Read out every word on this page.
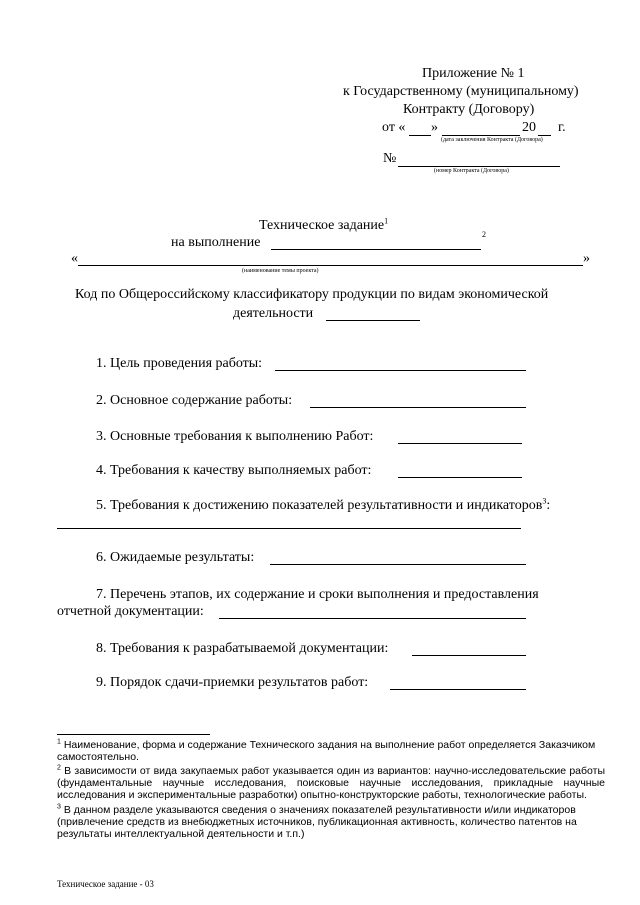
Приложение № 1
к Государственному (муниципальному)
Контракту (Договору)
от « »	20 г.
(дата заключения Контракта (Договора)
№
(номер Контракта (Договора)
Техническое задание$^1$
на выполнение
2
«	»
(наименование темы проекта)
Код по Общероссийскому классификатору продукции по видам экономической
деятельности
1. Цель проведения работы:
2. Основное содержание работы:
3. Основные требования к выполнению Работ:
4. Требования к качеству выполняемых работ:
5. Требования к достижению показателей результативности и индикаторов$^3$:
6. Ожидаемые результаты:
7. Перечень этапов, их содержание и сроки выполнения и предоставления
отчетной документации:
8. Требования к разрабатываемой документации:
9. Порядок сдачи-приемки результатов работ:
$^1$ Наименование, форма и содержание Технического задания на выполнение работ определяется Заказчиком самостоятельно.
$^2$ В зависимости от вида закупаемых работ указывается один из вариантов: научно-исследовательские работы (фундаментальные научные исследования, поисковые научные исследования, прикладные научные исследования и экспериментальные разработки) опытно-конструкторские работы, технологические работы.
$^3$ В данном разделе указываются сведения о значениях показателей результативности и/или индикаторов (привлечение средств из внебюджетных источников, публикационная активность, количество патентов на результаты интеллектуальной деятельности и т.п.)
Техническое задание - 03
